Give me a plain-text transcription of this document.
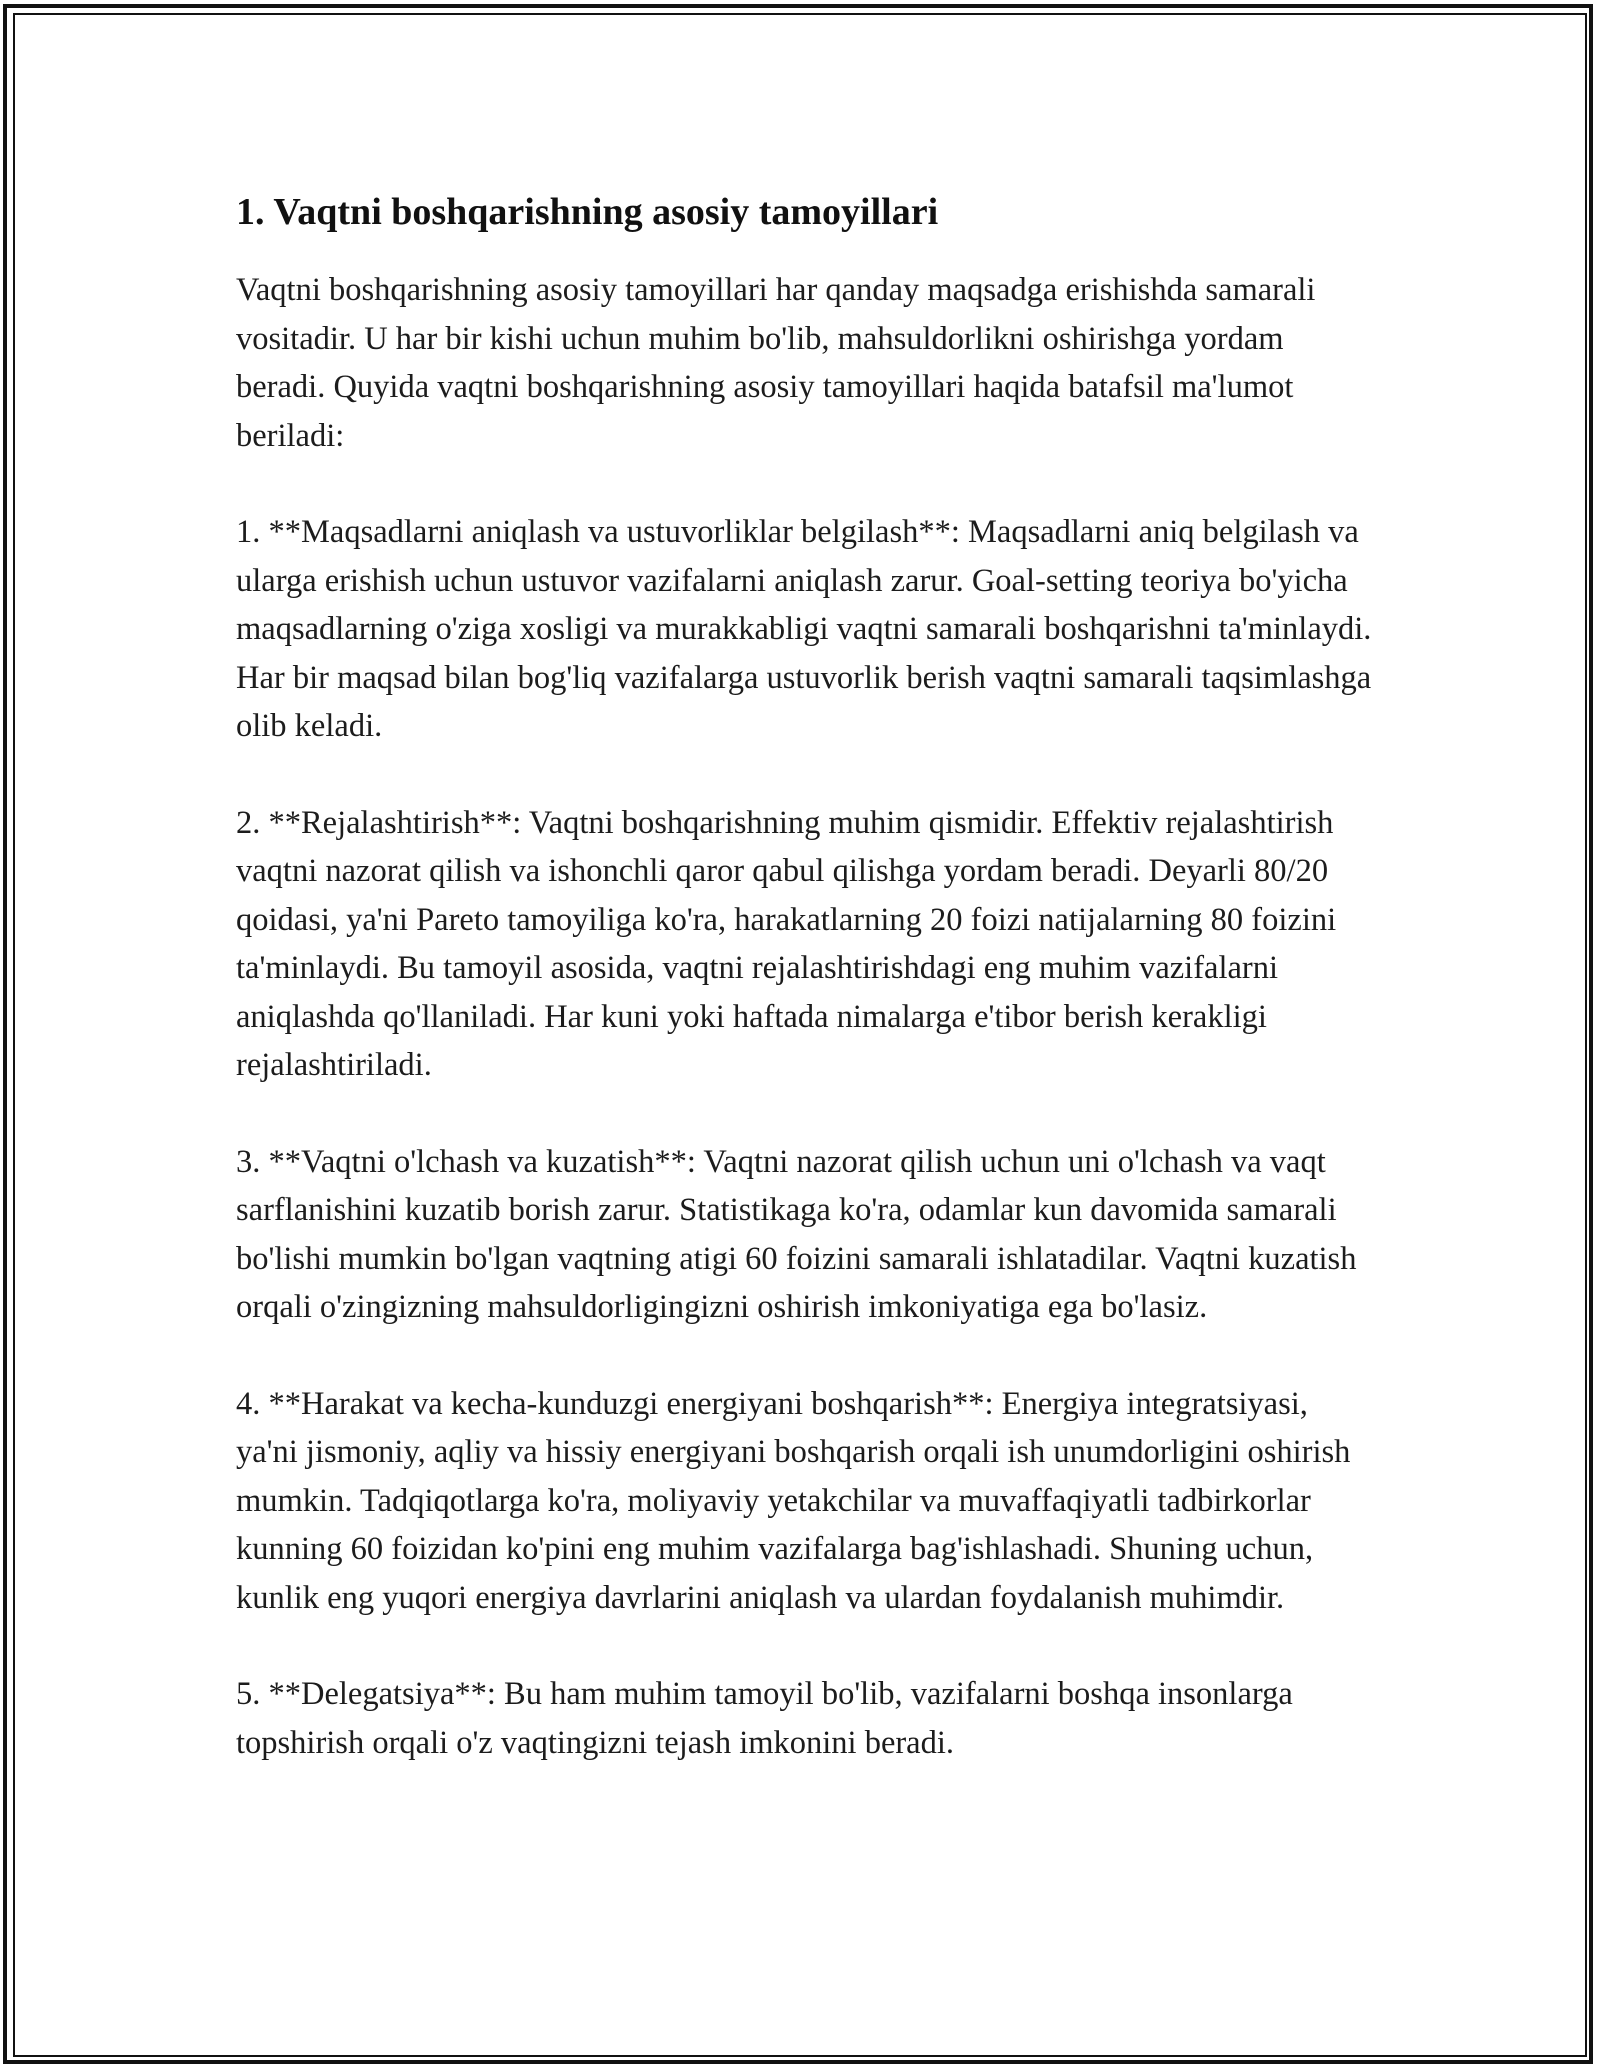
1. Vaqtni boshqarishning asosiy tamoyillari

Vaqtni boshqarishning asosiy tamoyillari har qanday maqsadga erishishda samarali vositadir. U har bir kishi uchun muhim bo'lib, mahsuldorlikni oshirishga yordam beradi. Quyida vaqtni boshqarishning asosiy tamoyillari haqida batafsil ma'lumot beriladi:

1. **Maqsadlarni aniqlash va ustuvorliklar belgilash**: Maqsadlarni aniq belgilash va ularga erishish uchun ustuvor vazifalarni aniqlash zarur. Goal-setting teoriya bo'yicha maqsadlarning o'ziga xosligi va murakkabligi vaqtni samarali boshqarishni ta'minlaydi. Har bir maqsad bilan bog'liq vazifalarga ustuvorlik berish vaqtni samarali taqsimlashga olib keladi.

2. **Rejalashtirish**: Vaqtni boshqarishning muhim qismidir. Effektiv rejalashtirish vaqtni nazorat qilish va ishonchli qaror qabul qilishga yordam beradi. Deyarli 80/20 qoidasi, ya'ni Pareto tamoyiliga ko'ra, harakatlarning 20 foizi natijalarning 80 foizini ta'minlaydi. Bu tamoyil asosida, vaqtni rejalashtirishdagi eng muhim vazifalarni aniqlashda qo'llaniladi. Har kuni yoki haftada nimalarga e'tibor berish kerakligi rejalashtiriladi.

3. **Vaqtni o'lchash va kuzatish**: Vaqtni nazorat qilish uchun uni o'lchash va vaqt sarflanishini kuzatib borish zarur. Statistikaga ko'ra, odamlar kun davomida samarali bo'lishi mumkin bo'lgan vaqtning atigi 60 foizini samarali ishlatadilar. Vaqtni kuzatish orqali o'zingizning mahsuldorligingizni oshirish imkoniyatiga ega bo'lasiz.

4. **Harakat va kecha-kunduzgi energiyani boshqarish**: Energiya integratsiyasi, ya'ni jismoniy, aqliy va hissiy energiyani boshqarish orqali ish unumdorligini oshirish mumkin. Tadqiqotlarga ko'ra, moliyaviy yetakchilar va muvaffaqiyatli tadbirkorlar kunning 60 foizidan ko'pini eng muhim vazifalarga bag'ishlashadi. Shuning uchun, kunlik eng yuqori energiya davrlarini aniqlash va ulardan foydalanish muhimdir.

5. **Delegatsiya**: Bu ham muhim tamoyil bo'lib, vazifalarni boshqa insonlarga topshirish orqali o'z vaqtingizni tejash imkonini beradi.
